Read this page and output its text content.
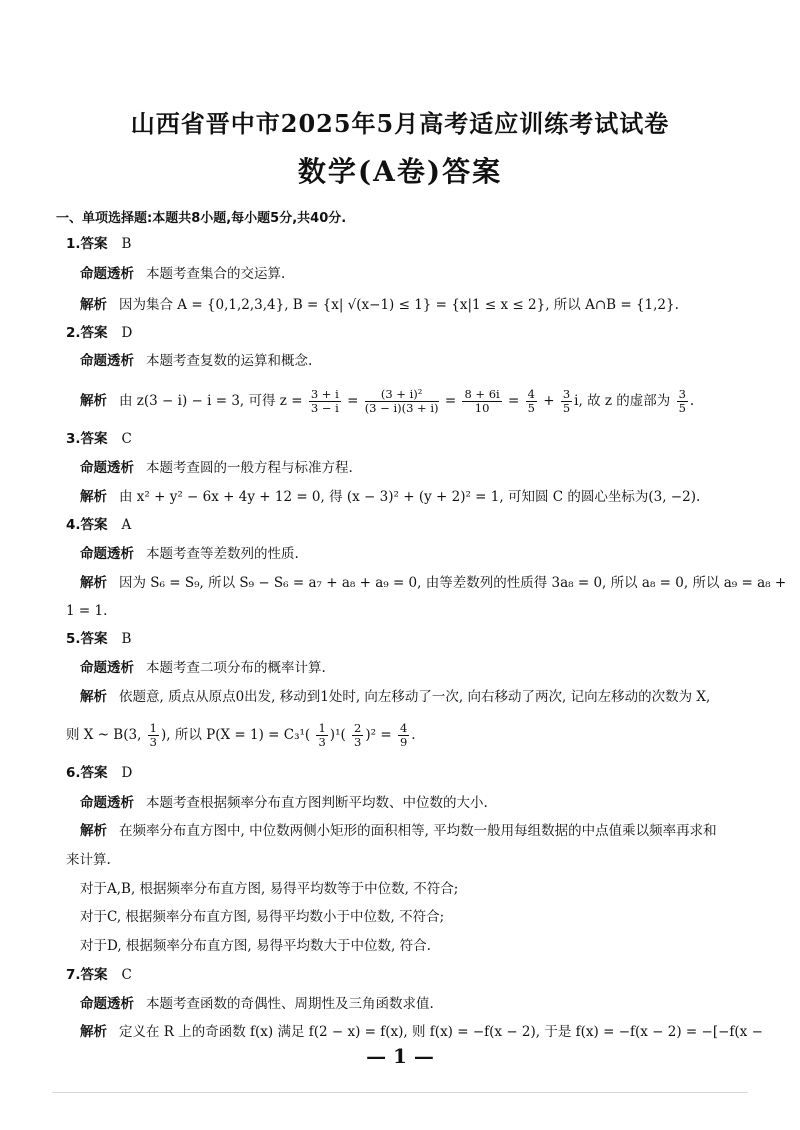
山西省晋中市2025年5月高考适应训练考试试卷
数学(A卷)答案
一、单项选择题:本题共8小题,每小题5分,共40分.
1.答案 B
命题透析 本题考查集合的交运算.
解析 因为集合 A = {0,1,2,3,4}, B = {x| √(x−1) ≤ 1} = {x|1 ≤ x ≤ 2}, 所以 A∩B = {1,2}.
2.答案 D
命题透析 本题考查复数的运算和概念.
解析 由 z(3 − i) − i = 3, 可得 $z = \frac{3 + i}{3 - i} = \frac{\text{(3 + i)²}}{(3 - i)(3 + i)} = \frac{8 + 6i}{10} = \frac{4}{5} + \frac{3}{5} i$, 故 z 的虚部为 $\frac{3}{5}$ .
3.答案 C
命题透析 本题考查圆的一般方程与标准方程.
解析 由 x² + y² − 6x + 4y + 12 = 0, 得 (x − 3)² + (y + 2)² = 1, 可知圆 C 的圆心坐标为(3, −2).
4.答案 A
命题透析 本题考查等差数列的性质.
解析 因为 S₆ = S₉, 所以 S₉ − S₆ = a₇ + a₈ + a₉ = 0, 由等差数列的性质得 3a₈ = 0, 所以 a₈ = 0, 所以 a₉ = a₈ +
1 = 1.
5.答案 B
命题透析 本题考查二项分布的概率计算.
解析 依题意, 质点从原点0出发, 移动到1处时, 向左移动了一次, 向右移动了两次, 记向左移动的次数为 X,
则 X ~ B(3, $\frac{1}{3}$ ), 所以 $P(X = 1) = C_3^1( \frac{1}{3} )^1( \frac{2}{3} )^2 = \frac{4}{9}$ .
6.答案 D
命题透析 本题考查根据频率分布直方图判断平均数、中位数的大小.
解析 在频率分布直方图中, 中位数两侧小矩形的面积相等, 平均数一般用每组数据的中点值乘以频率再求和
来计算.
对于A,B, 根据频率分布直方图, 易得平均数等于中位数, 不符合;
对于C, 根据频率分布直方图, 易得平均数小于中位数, 不符合;
对于D, 根据频率分布直方图, 易得平均数大于中位数, 符合.
7.答案 C
命题透析 本题考查函数的奇偶性、周期性及三角函数求值.
解析 定义在 R 上的奇函数 f(x) 满足 f(2 − x) = f(x), 则 f(x) = −f(x − 2), 于是 f(x) = −f(x − 2) = −[−f(x −
— 1 —
